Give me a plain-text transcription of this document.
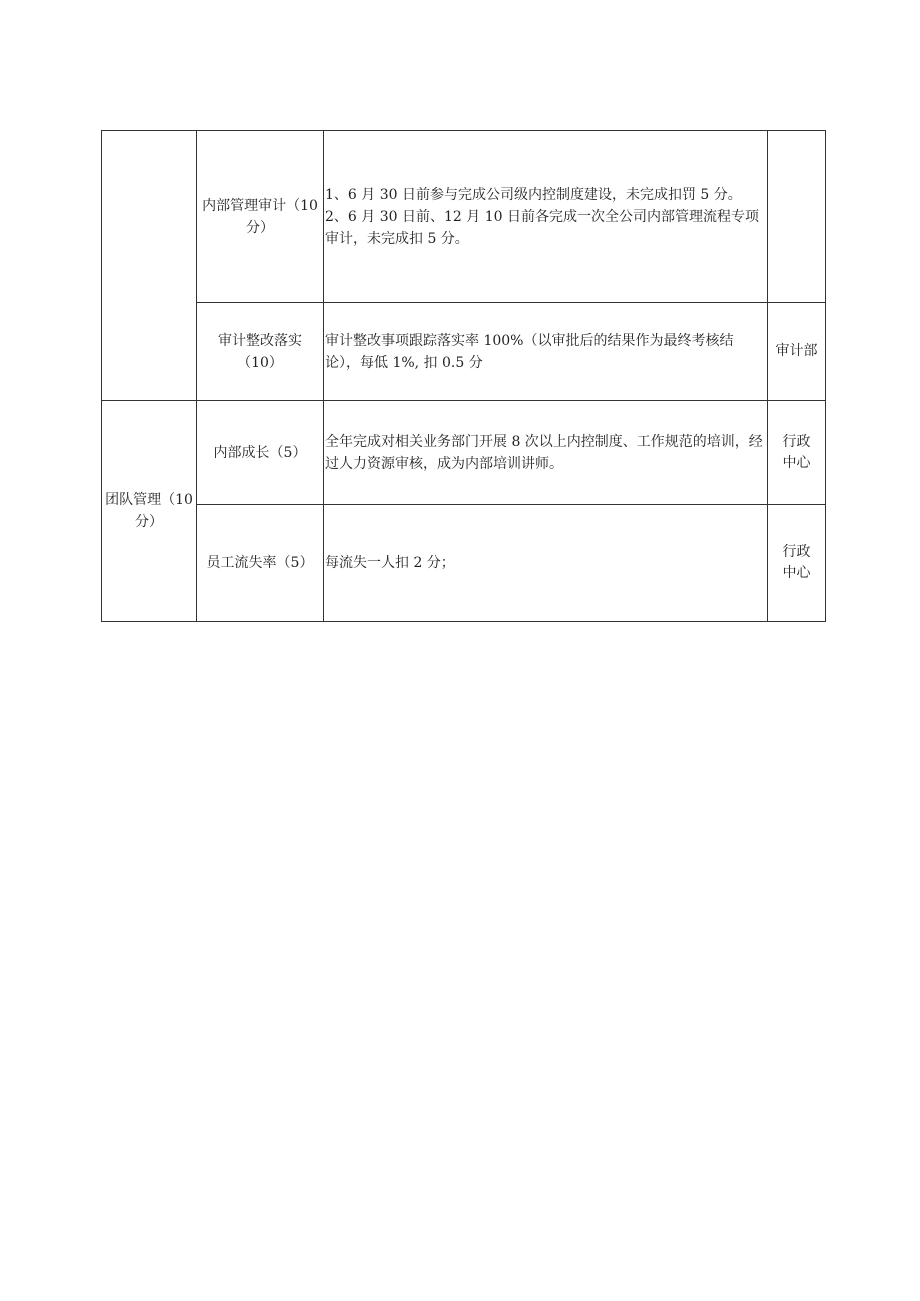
	内部管理审计（10分）	1、6 月 30 日前参与完成公司级内控制度建设，未完成扣罚 5 分。
2、6 月 30 日前、12 月 10 日前各完成一次全公司内部管理流程专项审计，未完成扣 5 分。	

	审计整改落实（10）	审计整改事项跟踪落实率 100%（以审批后的结果作为最终考核结论），每低 1%, 扣 0.5 分	审计部

团队管理（10分）	内部成长（5）	全年完成对相关业务部门开展 8 次以上内控制度、工作规范的培训，经过人力资源审核，成为内部培训讲师。	行政中心

	员工流失率（5）	每流失一人扣 2 分；	行政中心
